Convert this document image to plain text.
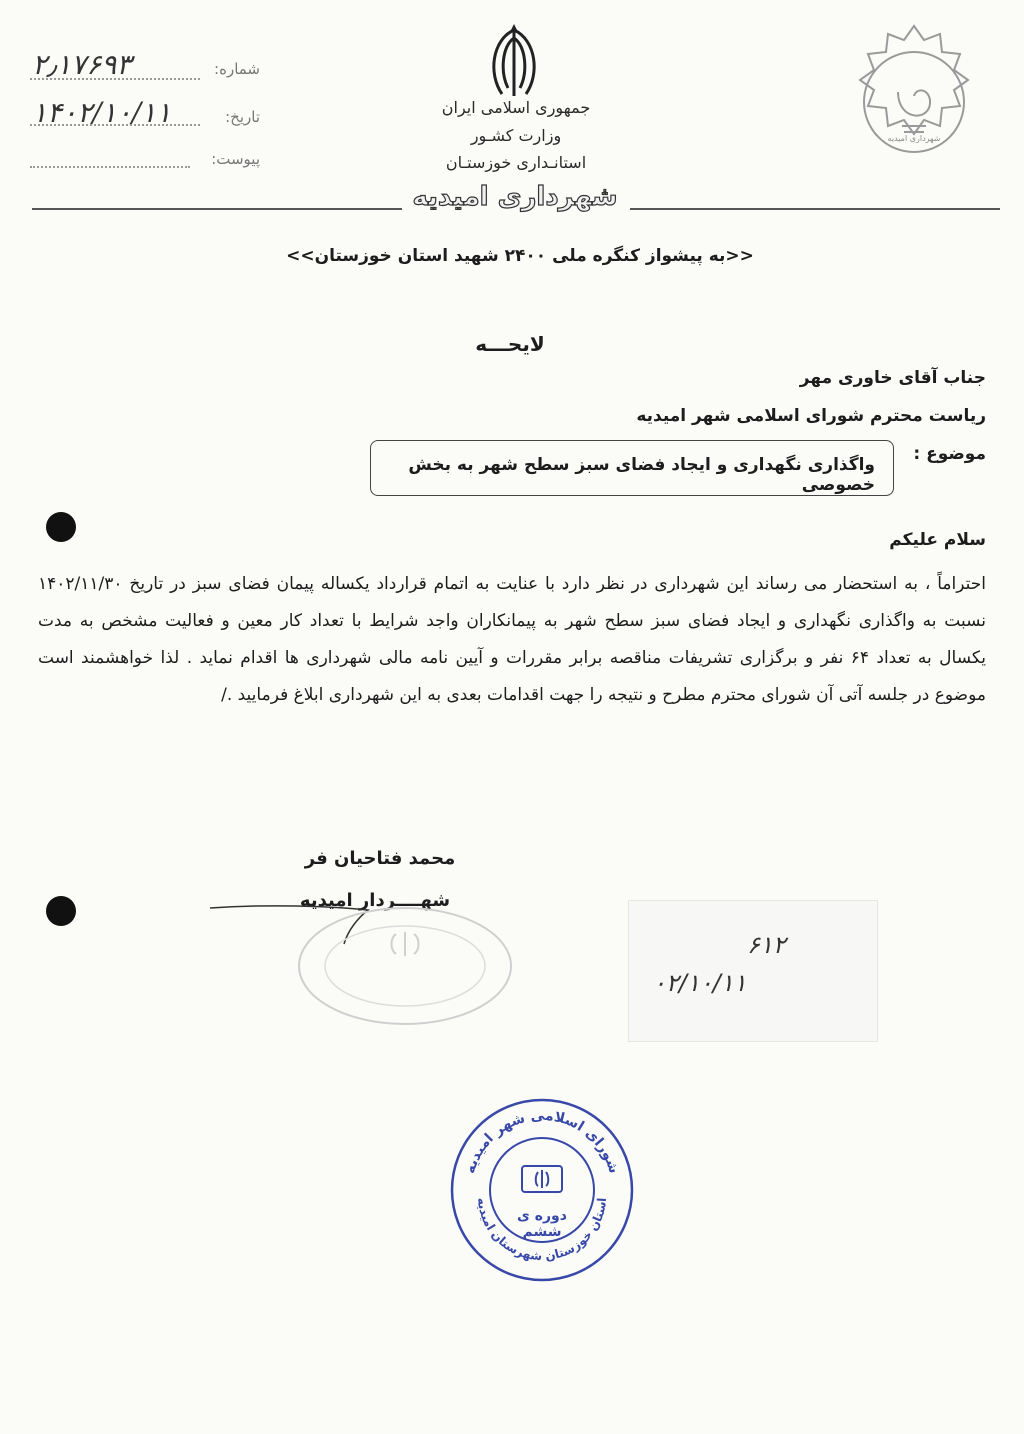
۲٫۱۷۶۹۳	شماره:
۱۴۰۲/۱۰/۱۱	تاریخ:
پیوست:
جمهوری اسلامی ایران
وزارت کشـور
استانـداری خوزستـان
شهرداری امیدیه
شهرداری امیدیه
<<به پیشواز کنگره ملی ۲۴۰۰ شهید استان خوزستان>>
لایحـــه
جناب آقای خاوری مهر
ریاست محترم شورای اسلامی شهر امیدیه
موضوع :
واگذاری نگهداری و ایجاد فضای سبز سطح شهر به بخش خصوصی
سلام علیکم
احتراماً ، به استحضار می رساند این شهرداری در نظر دارد با عنایت به اتمام قرارداد یکساله پیمان فضای سبز در تاریخ ۱۴۰۲/۱۱/۳۰ نسبت به واگذاری نگهداری و ایجاد فضای سبز سطح شهر به پیمانکاران واجد شرایط با تعداد کار معین و فعالیت مشخص به مدت یکسال به تعداد ۶۴ نفر و برگزاری تشریفات مناقصه برابر مقررات و آیین نامه مالی شهرداری ها اقدام نماید . لذا خواهشمند است موضوع در جلسه آتی آن شورای محترم مطرح و نتیجه را جهت اقدامات بعدی به این شهرداری ابلاغ فرمایید ./
محمد فتاحیان فر
شهــــردار امیدیه
۶۱۲
۰۲/۱۰/۱۱
شورای اسلامی شهر امیدیه
استان خوزستان شهرستان امیدیه
دوره ی ششم
